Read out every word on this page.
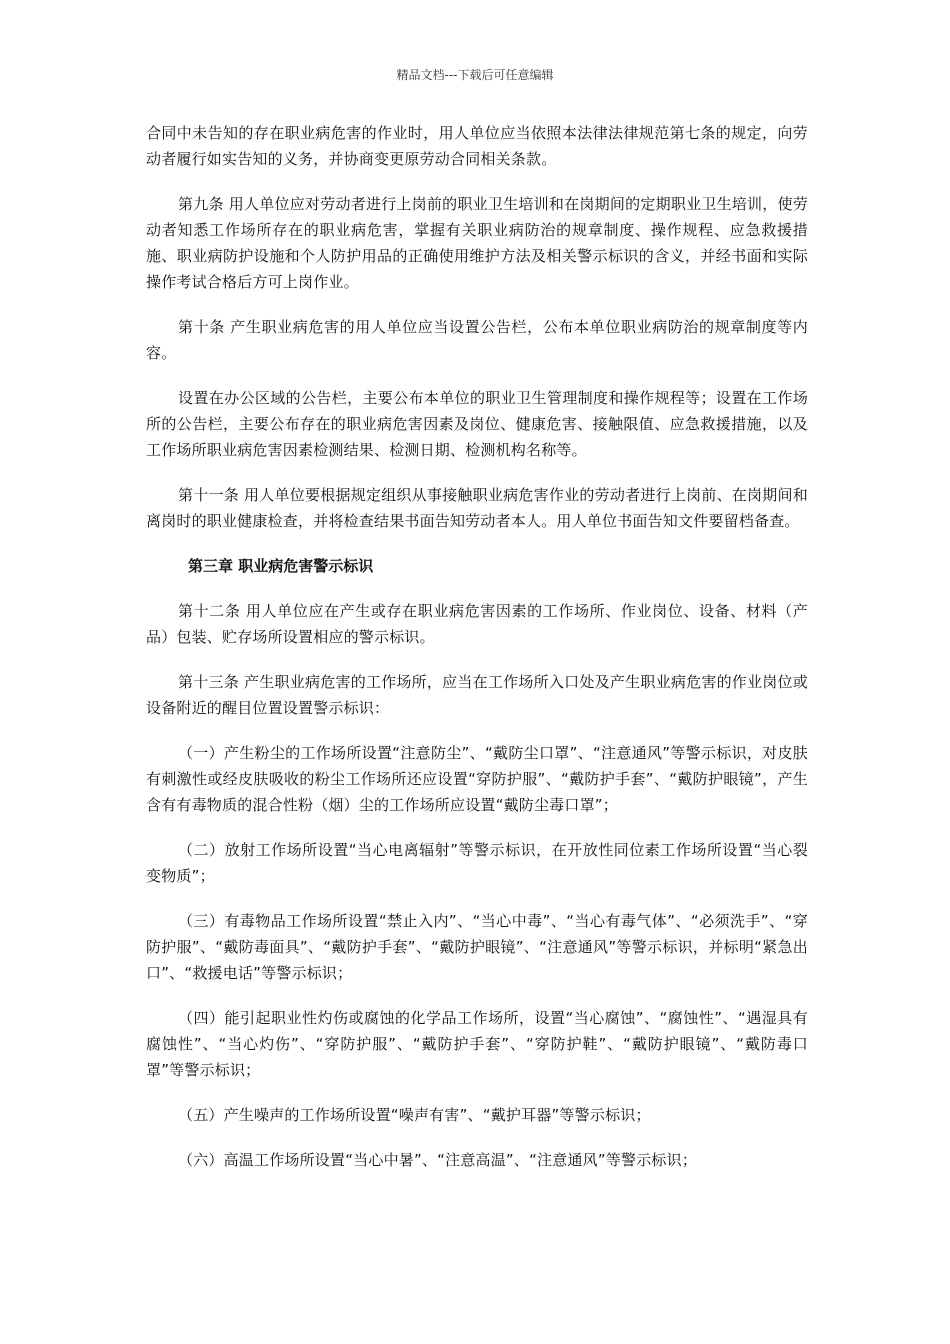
精品文档---下载后可任意编辑

合同中未告知的存在职业病危害的作业时，用人单位应当依照本法律法律规范第七条的规定，向劳动者履行如实告知的义务，并协商变更原劳动合同相关条款。

第九条 用人单位应对劳动者进行上岗前的职业卫生培训和在岗期间的定期职业卫生培训，使劳动者知悉工作场所存在的职业病危害，掌握有关职业病防治的规章制度、操作规程、应急救援措施、职业病防护设施和个人防护用品的正确使用维护方法及相关警示标识的含义，并经书面和实际操作考试合格后方可上岗作业。

第十条 产生职业病危害的用人单位应当设置公告栏，公布本单位职业病防治的规章制度等内容。

设置在办公区域的公告栏，主要公布本单位的职业卫生管理制度和操作规程等；设置在工作场所的公告栏，主要公布存在的职业病危害因素及岗位、健康危害、接触限值、应急救援措施，以及工作场所职业病危害因素检测结果、检测日期、检测机构名称等。

第十一条 用人单位要根据规定组织从事接触职业病危害作业的劳动者进行上岗前、在岗期间和离岗时的职业健康检查，并将检查结果书面告知劳动者本人。用人单位书面告知文件要留档备查。

第三章 职业病危害警示标识

第十二条 用人单位应在产生或存在职业病危害因素的工作场所、作业岗位、设备、材料（产品）包装、贮存场所设置相应的警示标识。

第十三条 产生职业病危害的工作场所，应当在工作场所入口处及产生职业病危害的作业岗位或设备附近的醒目位置设置警示标识：

（一）产生粉尘的工作场所设置“注意防尘”、“戴防尘口罩”、“注意通风”等警示标识，对皮肤有刺激性或经皮肤吸收的粉尘工作场所还应设置“穿防护服”、“戴防护手套”、“戴防护眼镜”，产生含有有毒物质的混合性粉（烟）尘的工作场所应设置“戴防尘毒口罩”；

（二）放射工作场所设置“当心电离辐射”等警示标识，在开放性同位素工作场所设置“当心裂变物质”；

（三）有毒物品工作场所设置“禁止入内”、“当心中毒”、“当心有毒气体”、“必须洗手”、“穿防护服”、“戴防毒面具”、“戴防护手套”、“戴防护眼镜”、“注意通风”等警示标识，并标明“紧急出口”、“救援电话”等警示标识；

（四）能引起职业性灼伤或腐蚀的化学品工作场所，设置“当心腐蚀”、“腐蚀性”、“遇湿具有腐蚀性”、“当心灼伤”、“穿防护服”、“戴防护手套”、“穿防护鞋”、“戴防护眼镜”、“戴防毒口罩”等警示标识；

（五）产生噪声的工作场所设置“噪声有害”、“戴护耳器”等警示标识；

（六）高温工作场所设置“当心中暑”、“注意高温”、“注意通风”等警示标识；
